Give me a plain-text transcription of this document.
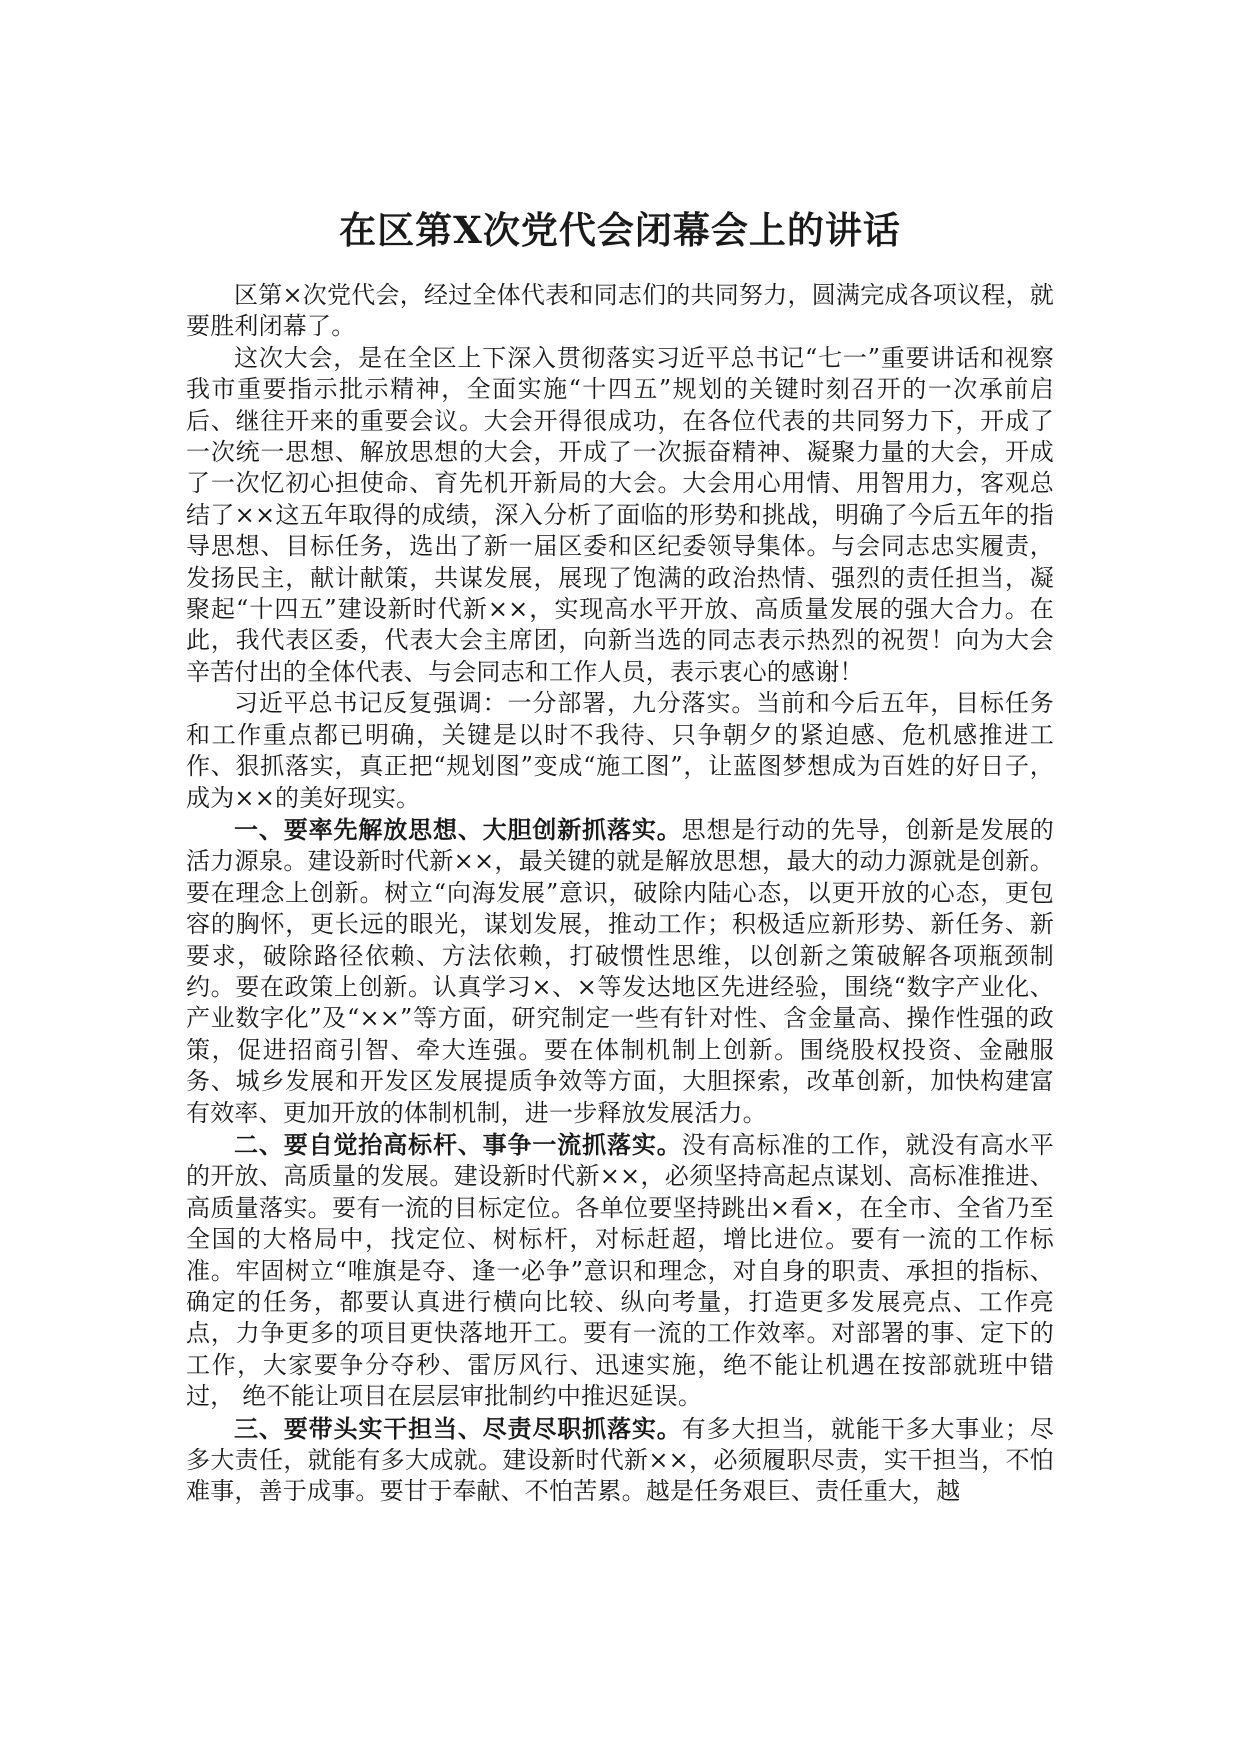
在区第X次党代会闭幕会上的讲话

区第×次党代会，经过全体代表和同志们的共同努力，圆满完成各项议程，就要胜利闭幕了。

这次大会，是在全区上下深入贯彻落实习近平总书记“七一”重要讲话和视察我市重要指示批示精神，全面实施“十四五”规划的关键时刻召开的一次承前启后、继往开来的重要会议。大会开得很成功，在各位代表的共同努力下，开成了一次统一思想、解放思想的大会，开成了一次振奋精神、凝聚力量的大会，开成了一次忆初心担使命、育先机开新局的大会。大会用心用情、用智用力，客观总结了××这五年取得的成绩，深入分析了面临的形势和挑战，明确了今后五年的指导思想、目标任务，选出了新一届区委和区纪委领导集体。与会同志忠实履责，发扬民主，献计献策，共谋发展，展现了饱满的政治热情、强烈的责任担当，凝聚起“十四五”建设新时代新××，实现高水平开放、高质量发展的强大合力。在此，我代表区委，代表大会主席团，向新当选的同志表示热烈的祝贺！向为大会辛苦付出的全体代表、与会同志和工作人员，表示衷心的感谢！

习近平总书记反复强调：一分部署，九分落实。当前和今后五年，目标任务和工作重点都已明确，关键是以时不我待、只争朝夕的紧迫感、危机感推进工作、狠抓落实，真正把“规划图”变成“施工图”，让蓝图梦想成为百姓的好日子，成为××的美好现实。

一、要率先解放思想、大胆创新抓落实。思想是行动的先导，创新是发展的活力源泉。建设新时代新××，最关键的就是解放思想，最大的动力源就是创新。要在理念上创新。树立“向海发展”意识，破除内陆心态，以更开放的心态，更包容的胸怀，更长远的眼光，谋划发展，推动工作；积极适应新形势、新任务、新要求，破除路径依赖、方法依赖，打破惯性思维，以创新之策破解各项瓶颈制约。要在政策上创新。认真学习×、×等发达地区先进经验，围绕“数字产业化、产业数字化”及“××”等方面，研究制定一些有针对性、含金量高、操作性强的政策，促进招商引智、牵大连强。要在体制机制上创新。围绕股权投资、金融服务、城乡发展和开发区发展提质争效等方面，大胆探索，改革创新，加快构建富有效率、更加开放的体制机制，进一步释放发展活力。

二、要自觉抬高标杆、事争一流抓落实。没有高标准的工作，就没有高水平的开放、高质量的发展。建设新时代新××，必须坚持高起点谋划、高标准推进、高质量落实。要有一流的目标定位。各单位要坚持跳出×看×，在全市、全省乃至全国的大格局中，找定位、树标杆，对标赶超，增比进位。要有一流的工作标准。牢固树立“唯旗是夺、逢一必争”意识和理念，对自身的职责、承担的指标、确定的任务，都要认真进行横向比较、纵向考量，打造更多发展亮点、工作亮点，力争更多的项目更快落地开工。要有一流的工作效率。对部署的事、定下的工作，大家要争分夺秒、雷厉风行、迅速实施，绝不能让机遇在按部就班中错过， 绝不能让项目在层层审批制约中推迟延误。

三、要带头实干担当、尽责尽职抓落实。有多大担当，就能干多大事业；尽多大责任，就能有多大成就。建设新时代新××，必须履职尽责，实干担当，不怕难事，善于成事。要甘于奉献、不怕苦累。越是任务艰巨、责任重大，越
